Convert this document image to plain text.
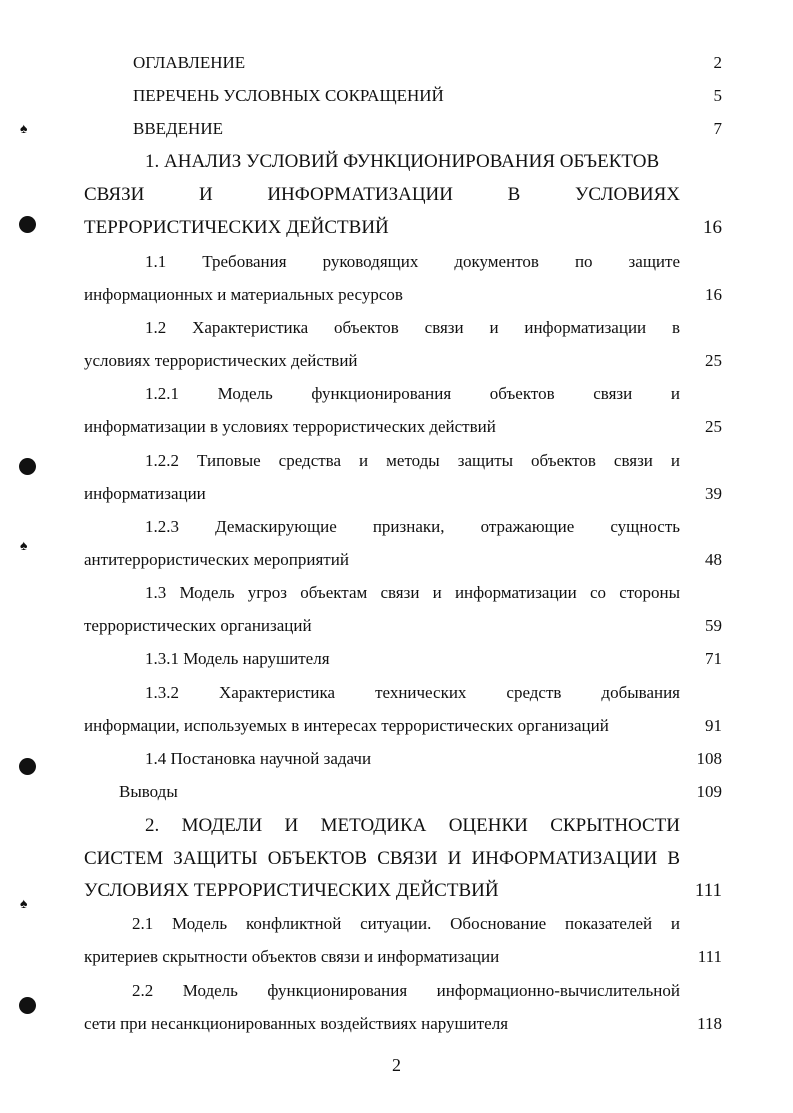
♠
♠
♠
ОГЛАВЛЕНИЕ	2
ПЕРЕЧЕНЬ УСЛОВНЫХ СОКРАЩЕНИЙ	5
ВВЕДЕНИЕ	7
1. АНАЛИЗ УСЛОВИЙ ФУНКЦИОНИРОВАНИЯ ОБЪЕКТОВ
СВЯЗИ И ИНФОРМАТИЗАЦИИ В УСЛОВИЯХ
ТЕРРОРИСТИЧЕСКИХ ДЕЙСТВИЙ	16
1.1 Требования руководящих документов по защите
информационных и материальных ресурсов	16
1.2 Характеристика объектов связи и информатизации в
условиях террористических действий	25
1.2.1 Модель функционирования объектов связи и
информатизации в условиях террористических действий	25
1.2.2 Типовые средства и методы защиты объектов связи и
информатизации	39
1.2.3 Демаскирующие признаки, отражающие сущность
антитеррористических мероприятий	48
1.3 Модель угроз объектам связи и информатизации со стороны
террористических организаций	59
1.3.1 Модель нарушителя	71
1.3.2 Характеристика технических средств добывания
информации, используемых в интересах террористических организаций	91
1.4 Постановка научной задачи	108
Выводы	109
2. МОДЕЛИ И МЕТОДИКА ОЦЕНКИ СКРЫТНОСТИ
СИСТЕМ ЗАЩИТЫ ОБЪЕКТОВ СВЯЗИ И ИНФОРМАТИЗАЦИИ В
УСЛОВИЯХ ТЕРРОРИСТИЧЕСКИХ ДЕЙСТВИЙ	111
2.1 Модель конфликтной ситуации. Обоснование показателей и
критериев скрытности объектов связи и информатизации	111
2.2 Модель функционирования информационно-вычислительной
сети при несанкционированных воздействиях нарушителя	118
2
